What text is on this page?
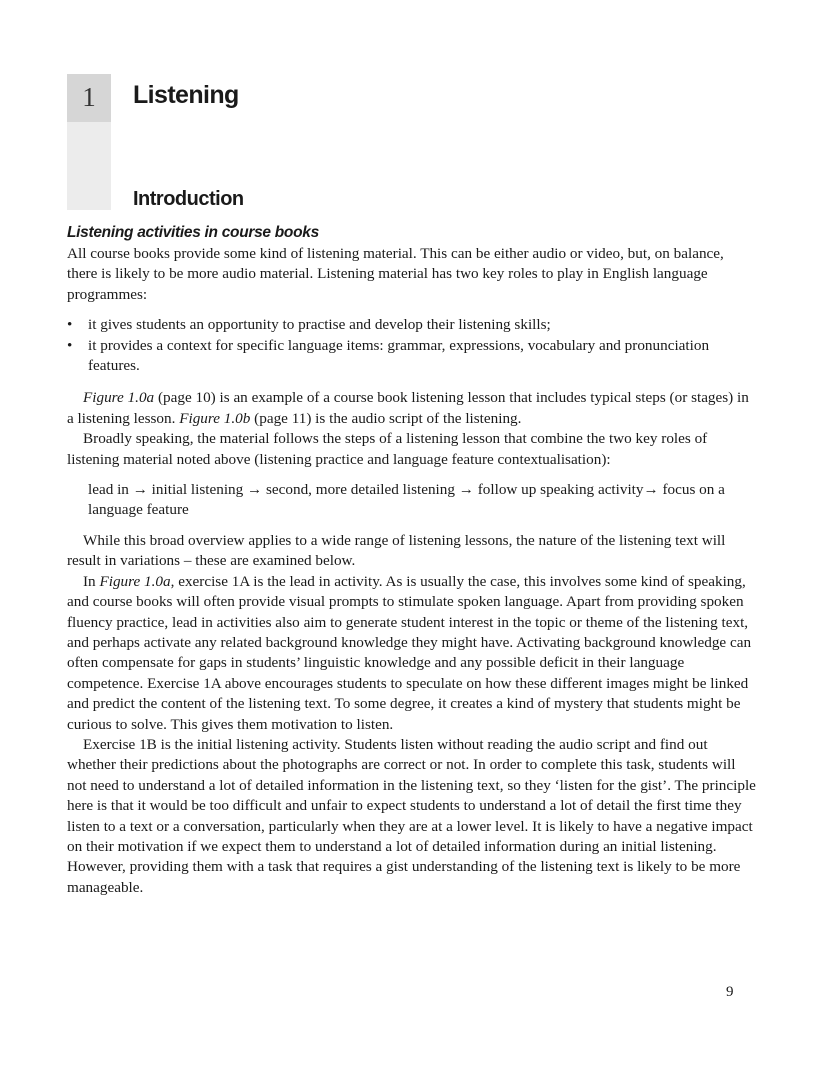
1	Listening
Introduction
Listening activities in course books

All course books provide some kind of listening material. This can be either audio or video, but, on balance, there is likely to be more audio material. Listening material has two key roles to play in English language programmes:

• it gives students an opportunity to practise and develop their listening skills;
• it provides a context for specific language items: grammar, expressions, vocabulary and pronunciation features.

Figure 1.0a (page 10) is an example of a course book listening lesson that includes typical steps (or stages) in a listening lesson. Figure 1.0b (page 11) is the audio script of the listening.

Broadly speaking, the material follows the steps of a listening lesson that combine the two key roles of listening material noted above (listening practice and language feature contextualisation):

lead in → initial listening → second, more detailed listening → follow up speaking activity→ focus on a language feature

While this broad overview applies to a wide range of listening lessons, the nature of the listening text will result in variations – these are examined below.

In Figure 1.0a, exercise 1A is the lead in activity. As is usually the case, this involves some kind of speaking, and course books will often provide visual prompts to stimulate spoken language. Apart from providing spoken fluency practice, lead in activities also aim to generate student interest in the topic or theme of the listening text, and perhaps activate any related background knowledge they might have. Activating background knowledge can often compensate for gaps in students’ linguistic knowledge and any possible deficit in their language competence. Exercise 1A above encourages students to speculate on how these different images might be linked and predict the content of the listening text. To some degree, it creates a kind of mystery that students might be curious to solve. This gives them motivation to listen.

Exercise 1B is the initial listening activity. Students listen without reading the audio script and find out whether their predictions about the photographs are correct or not. In order to complete this task, students will not need to understand a lot of detailed information in the listening text, so they ‘listen for the gist’. The principle here is that it would be too difficult and unfair to expect students to understand a lot of detail the first time they listen to a text or a conversation, particularly when they are at a lower level. It is likely to have a negative impact on their motivation if we expect them to understand a lot of detailed information during an initial listening. However, providing them with a task that requires a gist understanding of the listening text is likely to be more manageable.

9
